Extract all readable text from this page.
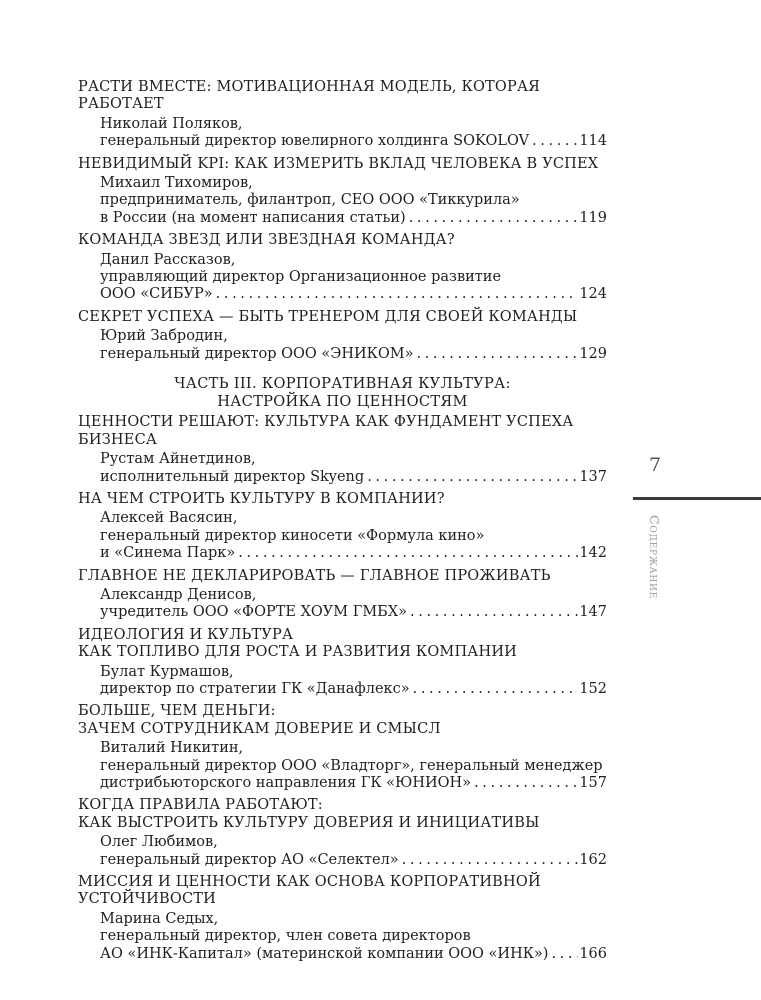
РАСТИ ВМЕСТЕ: МОТИВАЦИОННАЯ МОДЕЛЬ, КОТОРАЯ
РАБОТАЕТ
Николай Поляков,
генеральный директор ювелирного холдинга SOKOLOV .....	114
НЕВИДИМЫЙ KPI: КАК ИЗМЕРИТЬ ВКЛАД ЧЕЛОВЕКА В УСПЕХ
Михаил Тихомиров,
предприниматель, филантроп, CEO ООО «Тиккурила»
в России (на момент написания статьи) .....	119
КОМАНДА ЗВЕЗД ИЛИ ЗВЕЗДНАЯ КОМАНДА?
Данил Рассказов,
управляющий директор Организационное развитие
ООО «СИБУР» .....	124
СЕКРЕТ УСПЕХА — БЫТЬ ТРЕНЕРОМ ДЛЯ СВОЕЙ КОМАНДЫ
Юрий Забродин,
генеральный директор ООО «ЭНИКОМ» .....	129
ЧАСТЬ III. КОРПОРАТИВНАЯ КУЛЬТУРА:
НАСТРОЙКА ПО ЦЕННОСТЯМ
ЦЕННОСТИ РЕШАЮТ: КУЛЬТУРА КАК ФУНДАМЕНТ УСПЕХА
БИЗНЕСА
Рустам Айнетдинов,
исполнительный директор Skyeng .....	137
НА ЧЕМ СТРОИТЬ КУЛЬТУРУ В КОМПАНИИ?
Алексей Васясин,
генеральный директор киносети «Формула кино»
и «Синема Парк» .....	142
ГЛАВНОЕ НЕ ДЕКЛАРИРОВАТЬ — ГЛАВНОЕ ПРОЖИВАТЬ
Александр Денисов,
учредитель ООО «ФОРТЕ ХОУМ ГМБХ» .....	147
ИДЕОЛОГИЯ И КУЛЬТУРА
КАК ТОПЛИВО ДЛЯ РОСТА И РАЗВИТИЯ КОМПАНИИ
Булат Курмашов,
директор по стратегии ГК «Данафлекс» .....	152
БОЛЬШЕ, ЧЕМ ДЕНЬГИ:
ЗАЧЕМ СОТРУДНИКАМ ДОВЕРИЕ И СМЫСЛ
Виталий Никитин,
генеральный директор ООО «Владторг», генеральный менеджер
дистрибьюторского направления ГК «ЮНИОН» .....	157
КОГДА ПРАВИЛА РАБОТАЮТ:
КАК ВЫСТРОИТЬ КУЛЬТУРУ ДОВЕРИЯ И ИНИЦИАТИВЫ
Олег Любимов,
генеральный директор АО «Селектел» .....	162
МИССИЯ И ЦЕННОСТИ КАК ОСНОВА КОРПОРАТИВНОЙ
УСТОЙЧИВОСТИ
Марина Седых,
генеральный директор, член совета директоров
АО «ИНК-Капитал» (материнской компании ООО «ИНК») ..... 166
7
Содержание
